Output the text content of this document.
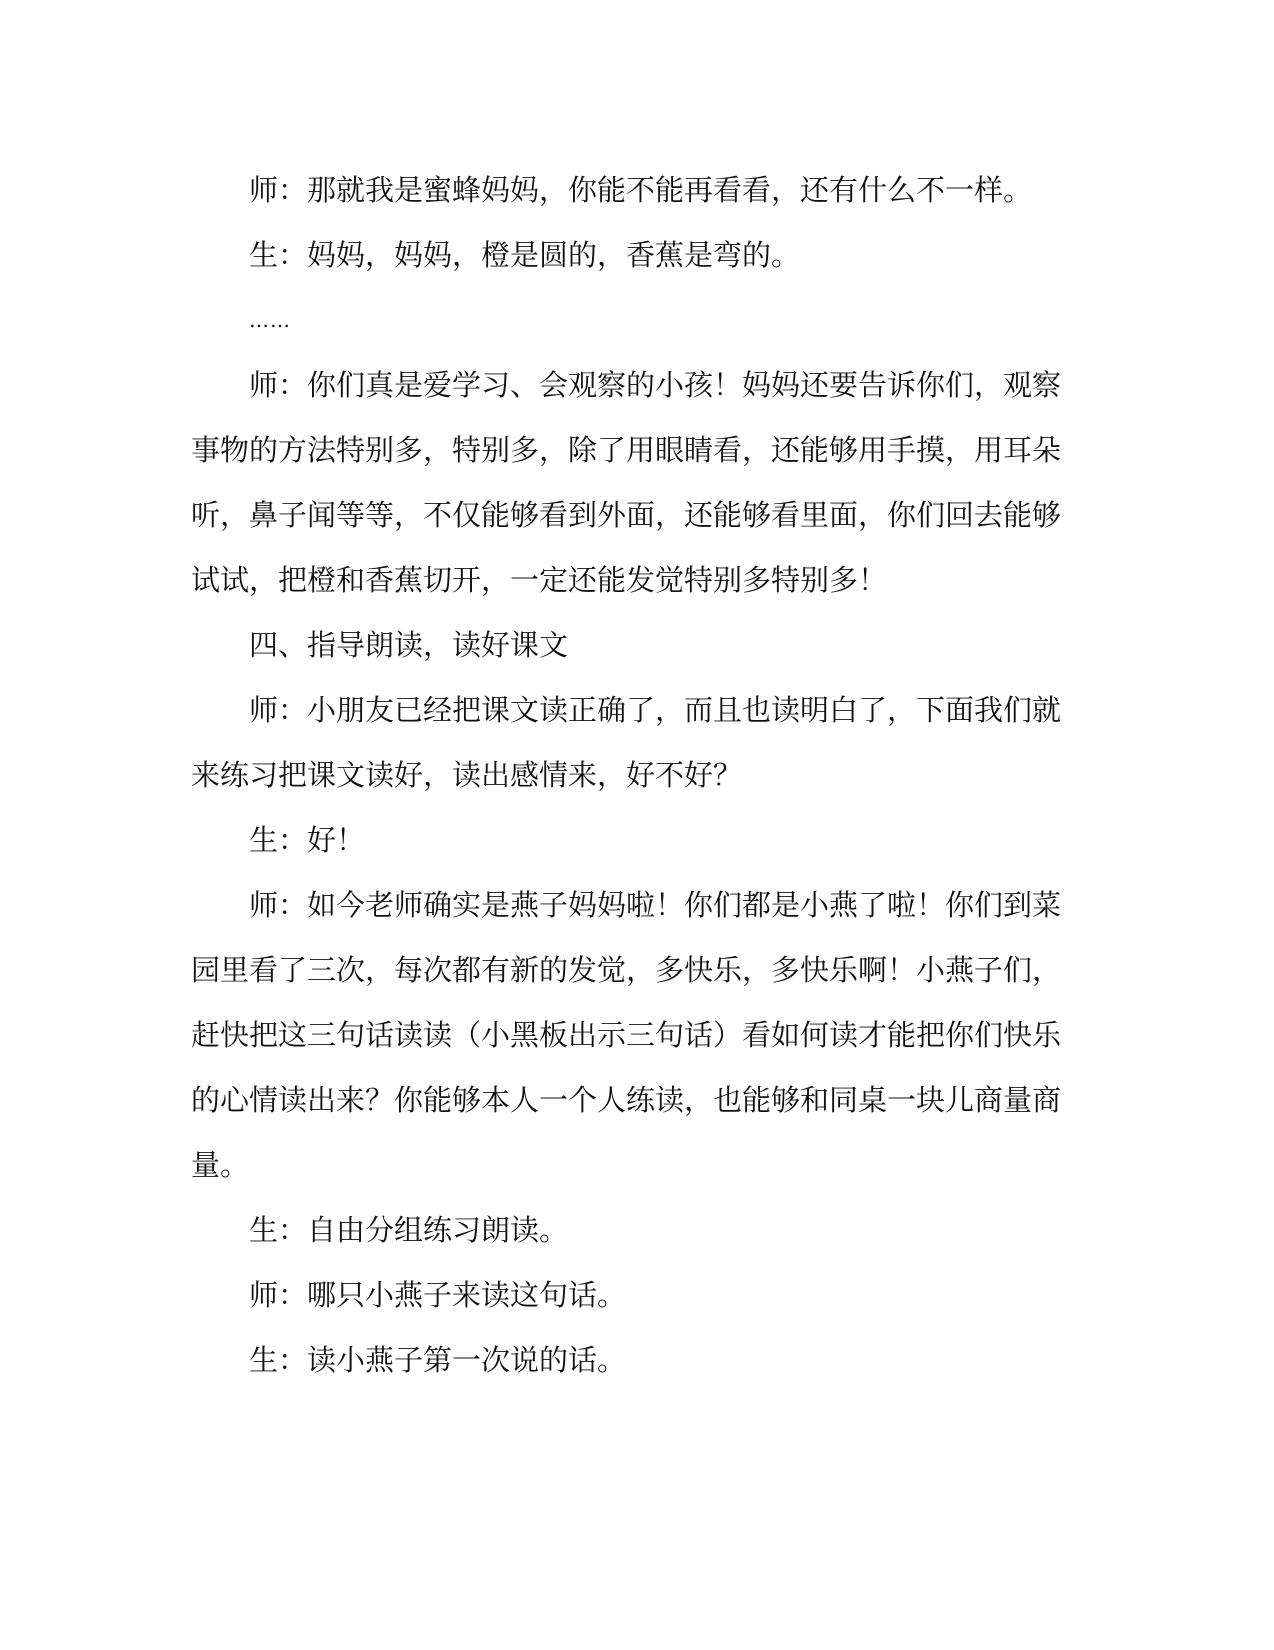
师：那就我是蜜蜂妈妈，你能不能再看看，还有什么不一样。

生：妈妈，妈妈，橙是圆的，香蕉是弯的。

……

师：你们真是爱学习、会观察的小孩！妈妈还要告诉你们，观察事物的方法特别多，特别多，除了用眼睛看，还能够用手摸，用耳朵听，鼻子闻等等，不仅能够看到外面，还能够看里面，你们回去能够试试，把橙和香蕉切开，一定还能发觉特别多特别多！

四、指导朗读，读好课文

师：小朋友已经把课文读正确了，而且也读明白了，下面我们就来练习把课文读好，读出感情来，好不好？

生：好！

师：如今老师确实是燕子妈妈啦！你们都是小燕了啦！你们到菜园里看了三次，每次都有新的发觉，多快乐，多快乐啊！小燕子们，赶快把这三句话读读（小黑板出示三句话）看如何读才能把你们快乐的心情读出来？你能够本人一个人练读，也能够和同桌一块儿商量商量。

生：自由分组练习朗读。

师：哪只小燕子来读这句话。

生：读小燕子第一次说的话。
